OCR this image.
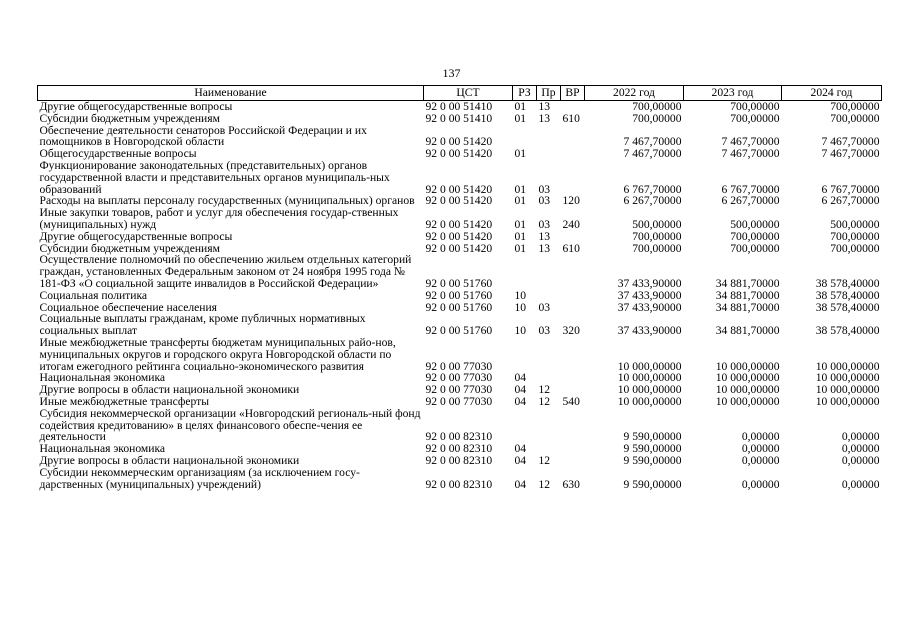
137
Наименование	ЦСТ	РЗ	Пр	ВР	2022 год	2023 год	2024 год
Другие общегосударственные вопросы	92 0 00 51410	01	13		700,00000	700,00000	700,00000
Субсидии бюджетным учреждениям	92 0 00 51410	01	13	610	700,00000	700,00000	700,00000
Обеспечение деятельности сенаторов Российской Федерации и их помощников в Новгородской области	92 0 00 51420				7 467,70000	7 467,70000	7 467,70000
Общегосударственные вопросы	92 0 00 51420	01			7 467,70000	7 467,70000	7 467,70000
Функционирование законодательных (представительных) органов государственной власти и представительных органов муниципаль-ных образований	92 0 00 51420	01	03		6 767,70000	6 767,70000	6 767,70000
Расходы на выплаты персоналу государственных (муниципальных) органов	92 0 00 51420	01	03	120	6 267,70000	6 267,70000	6 267,70000
Иные закупки товаров, работ и услуг для обеспечения государ-ственных (муниципальных) нужд	92 0 00 51420	01	03	240	500,00000	500,00000	500,00000
Другие общегосударственные вопросы	92 0 00 51420	01	13		700,00000	700,00000	700,00000
Субсидии бюджетным учреждениям	92 0 00 51420	01	13	610	700,00000	700,00000	700,00000
Осуществление полномочий по обеспечению жильем отдельных категорий граждан, установленных Федеральным законом от 24 ноября 1995 года № 181-ФЗ «О социальной защите инвалидов в Российской Федерации»	92 0 00 51760				37 433,90000	34 881,70000	38 578,40000
Социальная политика	92 0 00 51760	10			37 433,90000	34 881,70000	38 578,40000
Социальное обеспечение населения	92 0 00 51760	10	03		37 433,90000	34 881,70000	38 578,40000
Социальные выплаты гражданам, кроме публичных нормативных социальных выплат	92 0 00 51760	10	03	320	37 433,90000	34 881,70000	38 578,40000
Иные межбюджетные трансферты бюджетам муниципальных райо-нов, муниципальных округов и городского округа Новгородской области по итогам ежегодного рейтинга социально-экономического развития	92 0 00 77030				10 000,00000	10 000,00000	10 000,00000
Национальная экономика	92 0 00 77030	04			10 000,00000	10 000,00000	10 000,00000
Другие вопросы в области национальной экономики	92 0 00 77030	04	12		10 000,00000	10 000,00000	10 000,00000
Иные межбюджетные трансферты	92 0 00 77030	04	12	540	10 000,00000	10 000,00000	10 000,00000
Субсидия некоммерческой организации «Новгородский региональ-ный фонд содействия кредитованию» в целях финансового обеспе-чения ее деятельности	92 0 00 82310				9 590,00000	0,00000	0,00000
Национальная экономика	92 0 00 82310	04			9 590,00000	0,00000	0,00000
Другие вопросы в области национальной экономики	92 0 00 82310	04	12		9 590,00000	0,00000	0,00000
Субсидии некоммерческим организациям (за исключением госу-дарственных (муниципальных) учреждений)	92 0 00 82310	04	12	630	9 590,00000	0,00000	0,00000
